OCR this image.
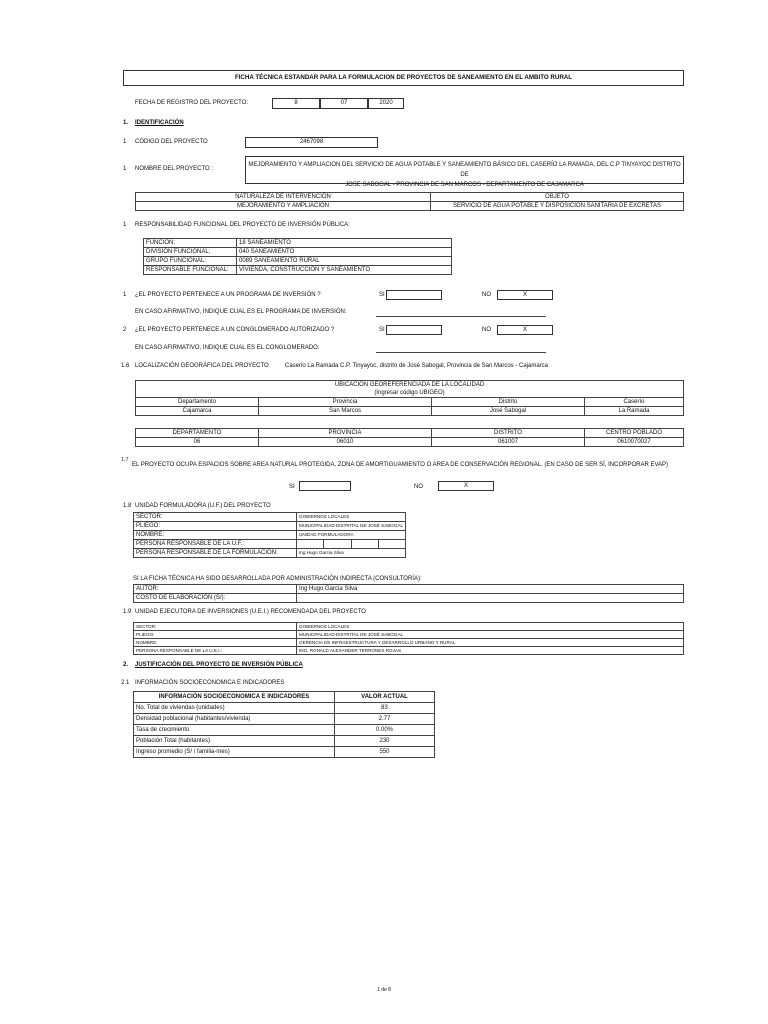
FICHA TÉCNICA ESTANDAR PARA LA FORMULACION DE PROYECTOS DE SANEAMIENTO EN EL AMBITO RURAL
FECHA DE REGISTRO DEL PROYECTO:	8	07	2020
1. IDENTIFICACIÓN
1 CÓDIGO DEL PROYECTO	2467098
1 NOMBRE DEL PROYECTO :
MEJORAMIENTO Y AMPLIACION DEL SERVICIO DE AGUA POTABLE Y SANEAMIENTO BÁSICO DEL CASERÍO LA RAMADA, DEL C.P TINYAYOC DISTRITO DE
JOSE SABOGAL - PROVINCIA DE SAN MARCOS - DEPARTAMENTO DE CAJAMARCA
NATURALEZA DE INTERVENCIÓN	OBJETO
MEJORAMIENTO Y AMPLIACION	SERVICIO DE AGUA POTABLE Y DISPOSICION SANITARIA DE EXCRETAS
1 RESPONSABILIDAD FUNCIONAL DEL PROYECTO DE INVERSIÓN PÚBLICA:
FUNCIÓN:	18 SANEAMIENTO
DIVISIÓN FUNCIONAL:	040 SANEAMIENTO
GRUPO FUNCIONAL:	0089 SANEAMIENTO RURAL
RESPONSABLE FUNCIONAL:	VIVIENDA, CONSTRUCCIÓN Y SANEAMIENTO
1 ¿EL PROYECTO PERTENECE A UN PROGRAMA DE INVERSIÓN ?	SI	NO	X
EN CASO AFIRMATIVO, INDIQUE CUAL ES EL PROGRAMA DE INVERSIÓN:
2 ¿EL PROYECTO PERTENECE A UN CONGLOMERADO AUTORIZADO ?	SI	NO	X
EN CASO AFIRMATIVO, INDIQUE CUAL ES EL CONGLOMERADO:
1.6 LOCALIZACIÓN GEOGRÁFICA DEL PROYECTO	Caserio La Ramada C.P. Tinyayoc, distrito de José Sabogal, Provincia de San Marcos - Cajamarca
UBICACIÓN GEOREFERENCIADA DE LA LOCALIDAD			
(Ingresar código UBIGEO)			
Departamento	Provincia	Distrito	Caserío
Cajamarca	San Marcos	José Sabogal	La Ramada
DEPARTAMENTO	PROVINCIA	DISTRITO	CENTRO POBLADO
06	06010	061007	0610070027
1.7
EL PROYECTO OCUPA ESPACIOS SOBRE AREA NATURAL PROTEGIDA, ZONA DE AMORTIGUAMIENTO O AREA DE CONSERVACIÓN REGIONAL. (EN CASO DE SER SÍ, INCORPORAR EVAP)
SI	NO	X
1.8 UNIDAD FORMULADORA (U.F.) DEL PROYECTO
SECTOR:	GOBIERNOS LOCALES			
PLIEGO:	MUNICIPALIDAD DISTRITAL DE JOSÉ SABOGAL			
NOMBRE:	UNIDAD FORMULADORA			
PERSONA RESPONSABLE DE LA U.F.:				
PERSONA RESPONSABLE DE LA FORMULACIÓN:	Ing Hugo Garcia Silva			
SI LA FICHA TÉCNICA HA SIDO DESARROLLADA POR ADMINISTRACIÓN INDIRECTA (CONSULTORÍA):
AUTOR:	Ing Hugo Garcia Silva
COSTO DE ELABORACIÓN (S/):	
1.9 UNIDAD EJECUTORA DE INVERSIONES (U.E.I.) RECOMENDADA DEL PROYECTO
SECTOR:	GOBIERNOS LOCALES
PLIEGO:	MUNICIPALIDAD DISTRITAL DE JOSÉ SABOGAL
NOMBRE:	GERENCIA DE INFRAESTRUCTURA Y DESARROLLO URBANO Y RURAL
PERSONA RESPONSABLE DE LA U.E.I.:	ING. RONALD ALEXANDER TERRONES ROJAS
2. JUSTIFICACIÓN DEL PROYECTO DE INVERSIÓN PÚBLICA
2.1 INFORMACIÓN SOCIOECONOMICA E INDICADORES
INFORMACIÓN SOCIOECONOMICA E INDICADORES	VALOR ACTUAL
No. Total de viviendas (unidades)	83
Densidad poblacional (habitantes/vivienda)	2.77
Tasa de crecimiento	0.00%
Población Total (habitantes)	230
Ingreso promedio (S/ / familia-mes)	550
1 de 8
